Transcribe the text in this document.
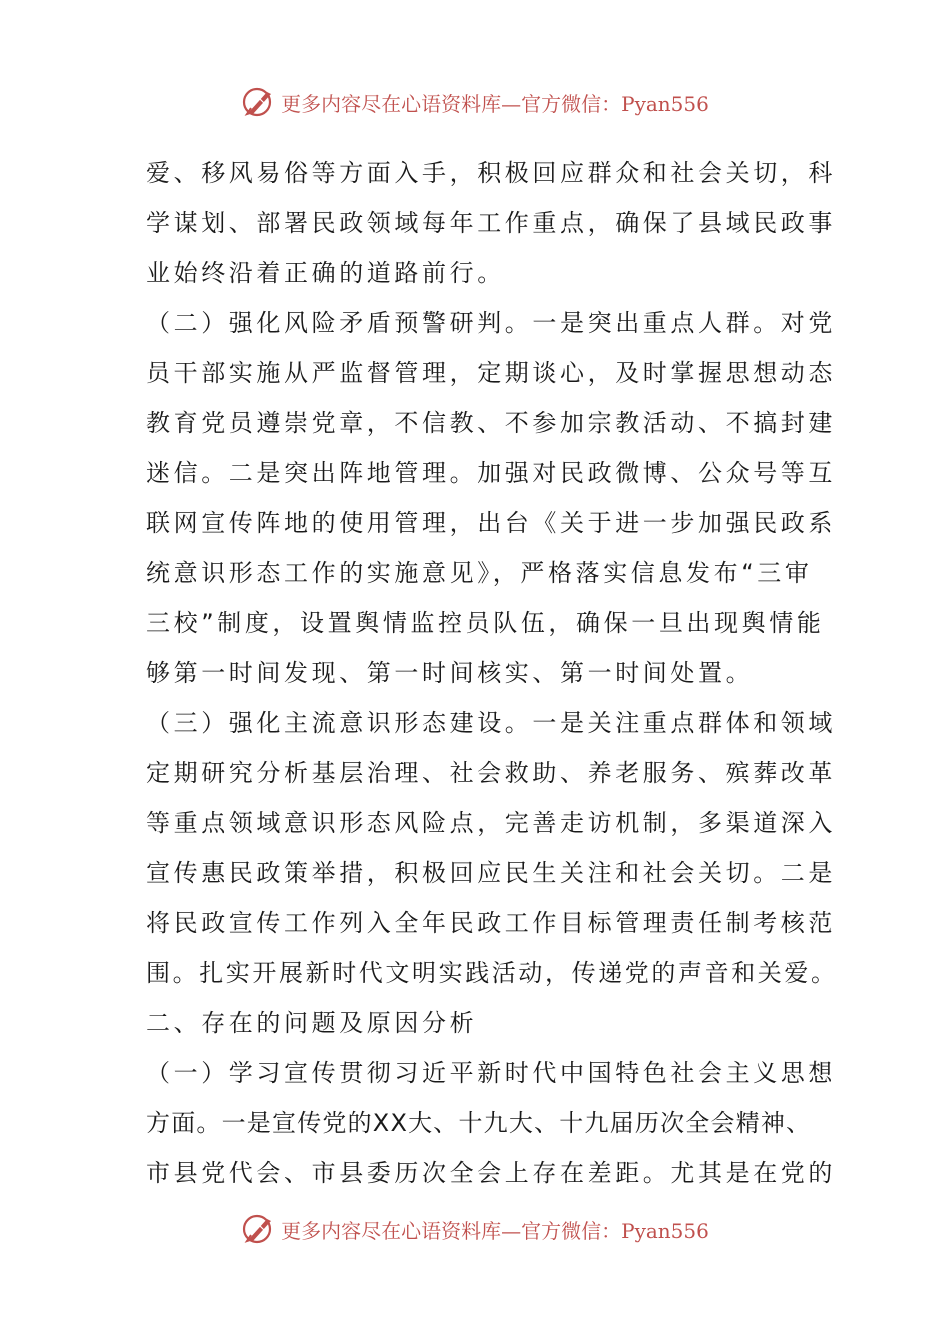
更多内容尽在心语资料库—官方微信：Pyan556
爱、移风易俗等方面入手，积极回应群众和社会关切，科
学谋划、部署民政领域每年工作重点，确保了县域民政事
业始终沿着正确的道路前行。
（二）强化风险矛盾预警研判。一是突出重点人群。对党
员干部实施从严监督管理，定期谈心，及时掌握思想动态
教育党员遵崇党章，不信教、不参加宗教活动、不搞封建
迷信。二是突出阵地管理。加强对民政微博、公众号等互
联网宣传阵地的使用管理，出台《关于进一步加强民政系
统意识形态工作的实施意见》，严格落实信息发布“三审
三校”制度，设置舆情监控员队伍，确保一旦出现舆情能
够第一时间发现、第一时间核实、第一时间处置。
（三）强化主流意识形态建设。一是关注重点群体和领域
定期研究分析基层治理、社会救助、养老服务、殡葬改革
等重点领域意识形态风险点，完善走访机制，多渠道深入
宣传惠民政策举措，积极回应民生关注和社会关切。二是
将民政宣传工作列入全年民政工作目标管理责任制考核范
围。扎实开展新时代文明实践活动，传递党的声音和关爱。
二、存在的问题及原因分析
（一）学习宣传贯彻习近平新时代中国特色社会主义思想
方面。一是宣传党的XX大、十九大、十九届历次全会精神、
市县党代会、市县委历次全会上存在差距。尤其是在党的
更多内容尽在心语资料库—官方微信：Pyan556
